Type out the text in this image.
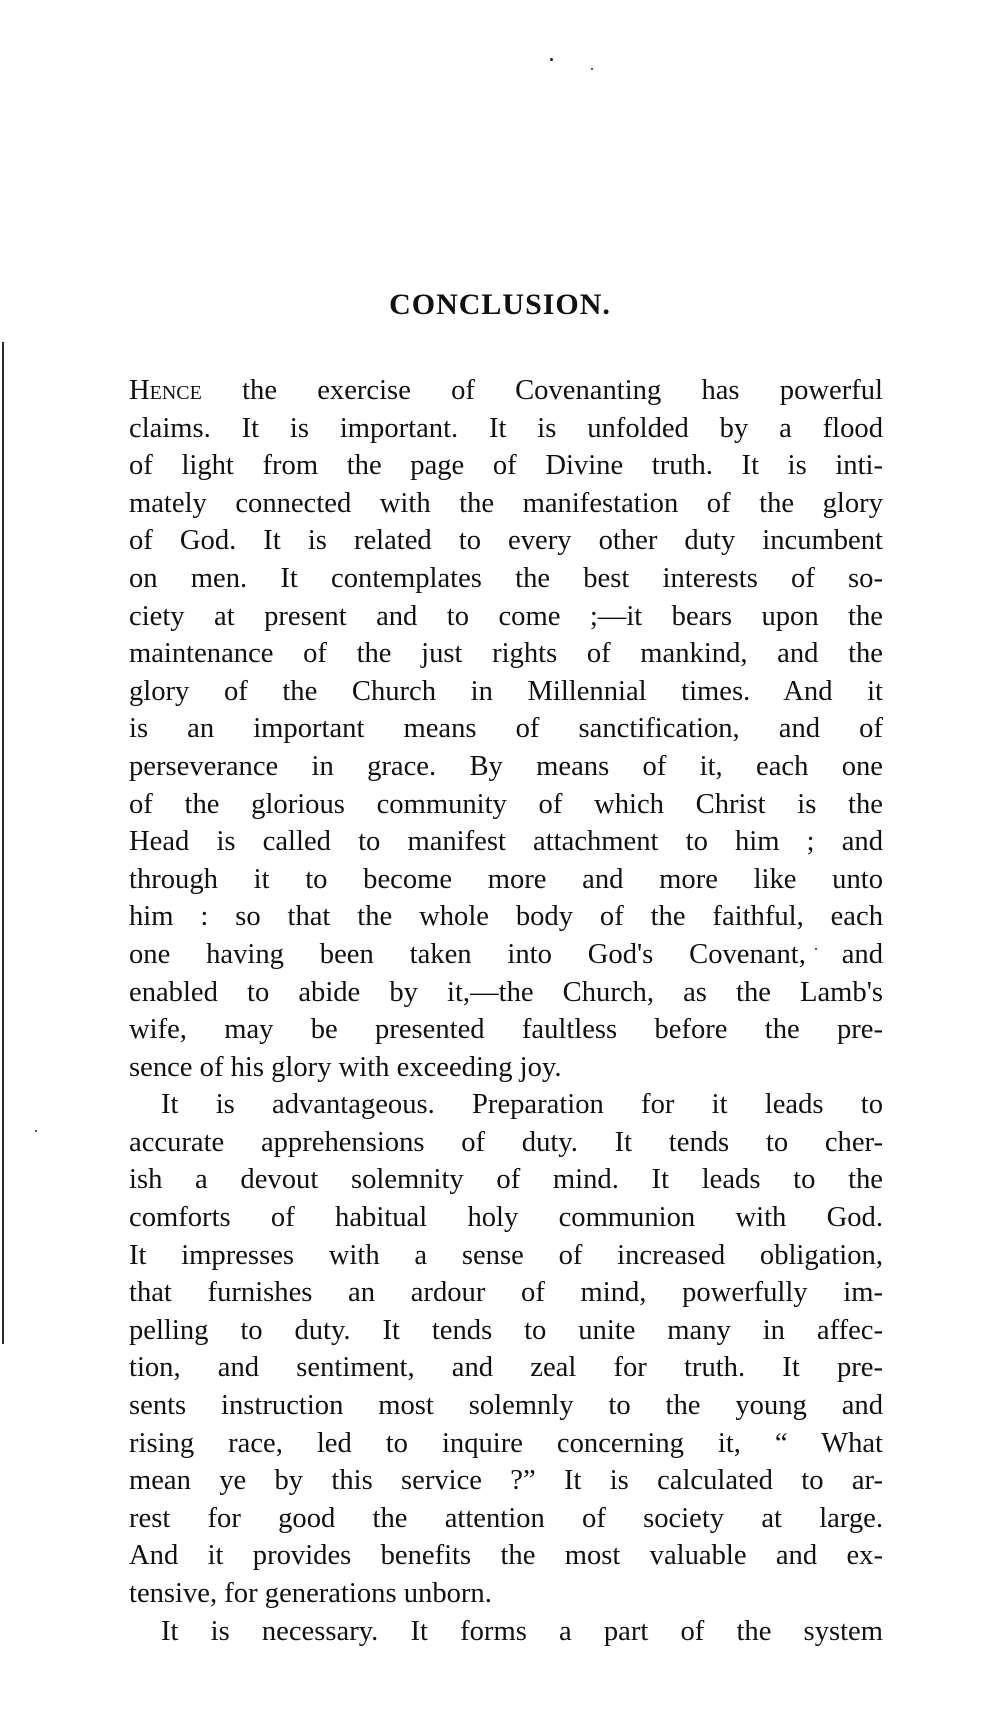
CONCLUSION.
Hence the exercise of Covenanting has powerful
claims. It is important. It is unfolded by a flood
of light from the page of Divine truth. It is inti-
mately connected with the manifestation of the glory
of God. It is related to every other duty incumbent
on men. It contemplates the best interests of so-
ciety at present and to come ;—it bears upon the
maintenance of the just rights of mankind, and the
glory of the Church in Millennial times. And it
is an important means of sanctification, and of
perseverance in grace. By means of it, each one
of the glorious community of which Christ is the
Head is called to manifest attachment to him ; and
through it to become more and more like unto
him : so that the whole body of the faithful, each
one having been taken into God's Covenant, and
enabled to abide by it,—the Church, as the Lamb's
wife, may be presented faultless before the pre-
sence of his glory with exceeding joy.
It is advantageous. Preparation for it leads to
accurate apprehensions of duty. It tends to cher-
ish a devout solemnity of mind. It leads to the
comforts of habitual holy communion with God.
It impresses with a sense of increased obligation,
that furnishes an ardour of mind, powerfully im-
pelling to duty. It tends to unite many in affec-
tion, and sentiment, and zeal for truth. It pre-
sents instruction most solemnly to the young and
rising race, led to inquire concerning it, “ What
mean ye by this service ?” It is calculated to ar-
rest for good the attention of society at large.
And it provides benefits the most valuable and ex-
tensive, for generations unborn.
It is necessary. It forms a part of the system
